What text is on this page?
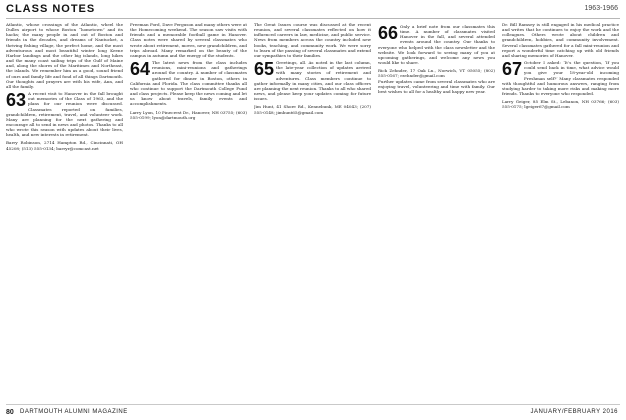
CLASS NOTES	1963-1966
Atlantic, whose crossings of the Atlantic, wheel the Dulles airport to whose Boston “hometown” and its hacks; the many people in and out of Boston and friends in the decades, and dreams of Nantucket, a thriving fishing village, the perfect home, and the most adventurous and most beautiful winter long Keene Harbor landings and the other big islands, long hikes and the many coast sailing trips of the Gulf of Maine and, along the shores of the Maritimes and Northeast, the islands. We remember him as a good, sound friend of ours and family life and fond of all things Dartmouth. Our thoughts and prayers are with his wife, Ann, and all the family.
63 A recent visit to Hanover in the fall brought out memories of the Class of 1963, and the plans for our reunion were discussed. Classmates reported on families, grandchildren, retirement, travel, and volunteer work. Many are planning for the next gathering and encourage all to send in news and photos. Thanks to all who wrote this season with updates about their lives, health, and new interests in retirement.
Barry Robinson, 2714 Hampton Rd., Cincinnati, OH 45208; (513) 555-0134; barryr@comcast.net
Freeman Ford, Dave Ferguson and many others were at the Homecoming weekend. The season saw visits with friends and a memorable football game in Hanover. Class notes were shared by several classmates who wrote about retirement, moves, new grandchildren, and trips abroad. Many remarked on the beauty of the campus in autumn and the energy of the students.
64 The latest news from the class includes reunions, mini-reunions and gatherings around the country. A number of classmates gathered for dinner in Boston, others in California and Florida. The class committee thanks all who continue to support the Dartmouth College Fund and class projects. Please keep the news coming and let us know about travels, family events and accomplishments.
Larry Lyon, 10 Pinecrest Dr., Hanover, NH 03755; (603) 555-0199; lyon@dartmouth.org
The Great Issues course was discussed at the recent reunion, and several classmates reflected on how it influenced careers in law, medicine, and public service. News from members across the country included new books, teaching, and community work. We were sorry to learn of the passing of several classmates and extend our sympathies to their families.
65 Greetings, all. As noted in the last column, the late-year collection of updates arrived with many stories of retirement and adventures. Class members continue to gather informally in many cities, and our class officers are planning the next reunion. Thanks to all who shared news, and please keep your updates coming for future issues.
Jim Hunt, 41 Shore Rd., Kennebunk, ME 04043; (207) 555-0148; jimhunt65@gmail.com
66 Only a brief note from our classmates this time. A number of classmates visited Hanover in the fall, and several attended events around the country. Our thanks to everyone who helped with the class newsletter and the website. We look forward to seeing many of you at upcoming gatherings, and welcome any news you would like to share.
Rick Zehnder, 17 Oak Ln., Norwich, VT 05055; (802) 555-0167; rzehnder@gmail.com
Further updates came from several classmates who are enjoying travel, volunteering and time with family. Our best wishes to all for a healthy and happy new year.
Dr. Bill Ramsey is still engaged in his medical practice and writes that he continues to enjoy the work and the colleagues. Others wrote about children and grandchildren, hobbies, and community involvement. Several classmates gathered for a fall mini-reunion and report a wonderful time catching up with old friends and sharing memories of Hanover.
67 October I asked: ‘It’s the question, ‘If you could send back in time, what advice would you give your 18-year-old incoming Freshman self?’ Many classmates responded with thoughtful and humorous answers, ranging from studying harder to taking more risks and making more friends. Thanks to everyone who responded.
Larry Geiger, 85 Elm St., Lebanon, NH 03766; (603) 555-0175; lgeiger67@gmail.com
80 DARTMOUTH ALUMNI MAGAZINE	JANUARY/FEBRUARY 2016
